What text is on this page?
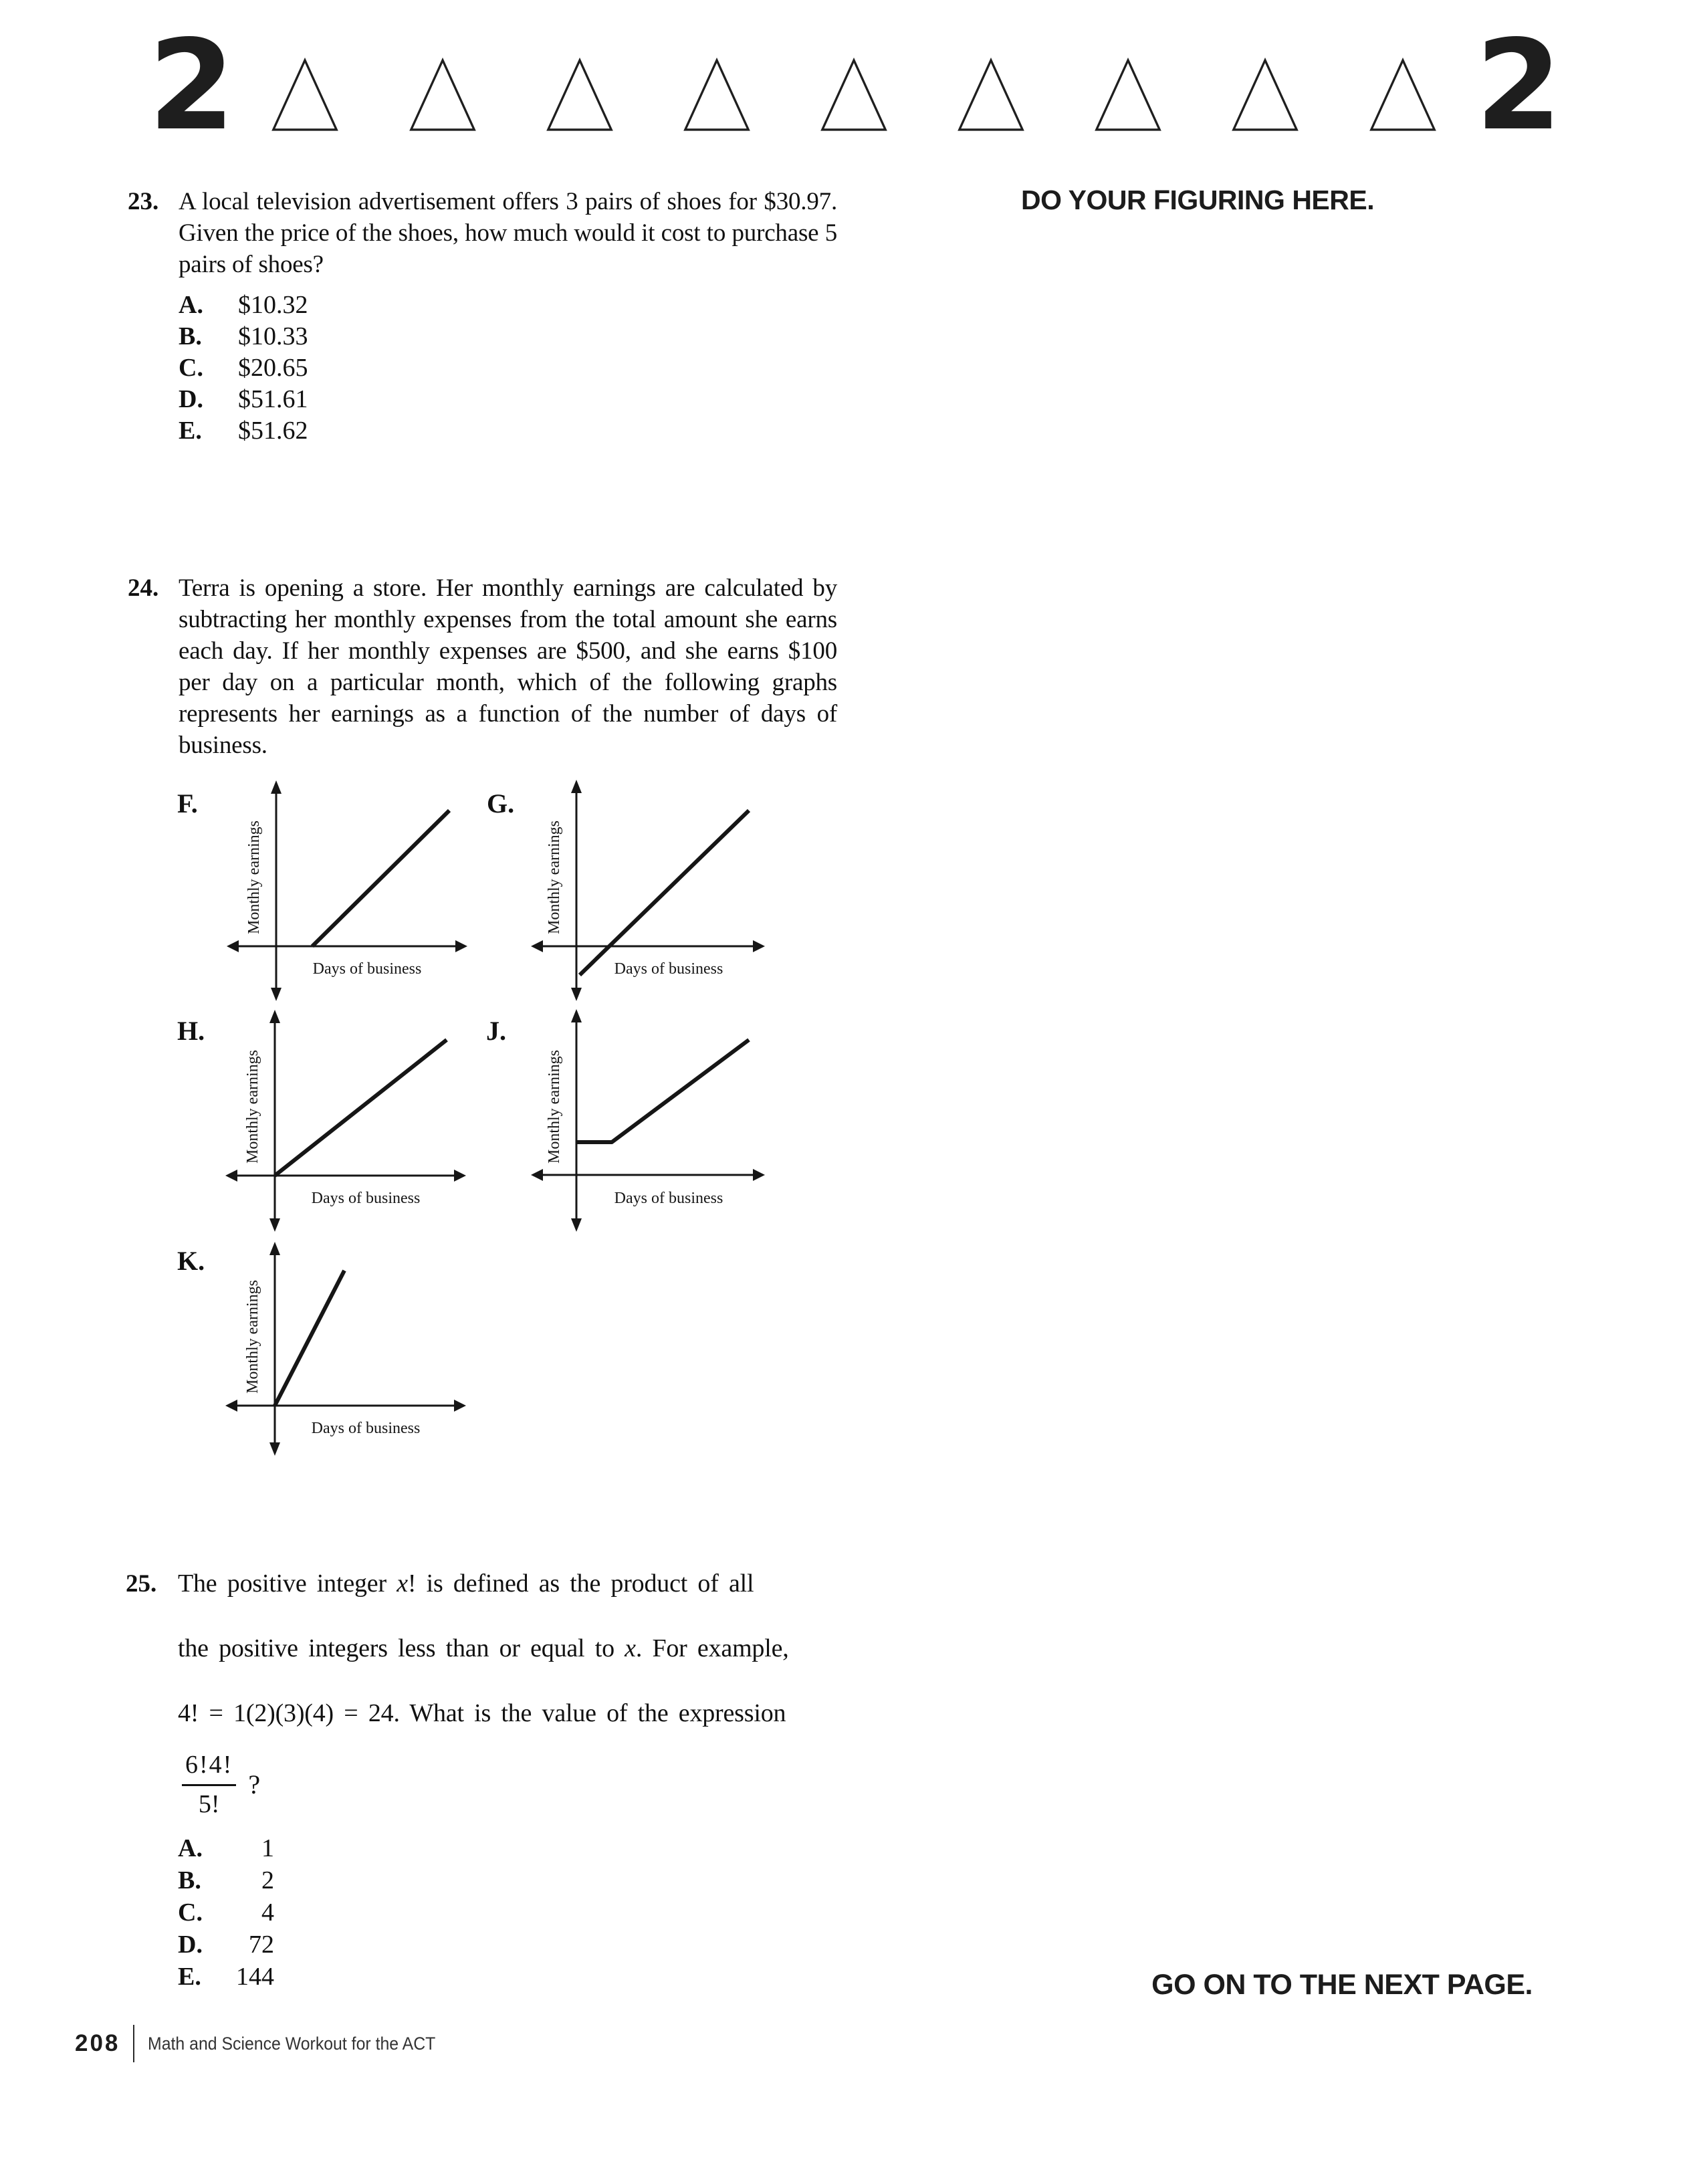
2	2
DO YOUR FIGURING HERE.
23. A local television advertisement offers 3 pairs of shoes for $30.97. Given the price of the shoes, how much would it cost to purchase 5 pairs of shoes?

A.	$10.32
B.	$10.33
C.	$20.65
D.	$51.61
E.	$51.62
24. Terra is opening a store. Her monthly earnings are calculated by subtracting her monthly expenses from the total amount she earns each day. If her monthly expenses are $500, and she earns $100 per day on a particular month, which of the following graphs represents her earnings as a function of the number of days of business.

F.
Monthly earnings
Days of business
G.
Monthly earnings
Days of business
H.
Monthly earnings
Days of business
J.
Monthly earnings
Days of business
K.
Monthly earnings
Days of business
25. The positive integer x! is defined as the product of all
the positive integers less than or equal to x. For example,
4! = 1(2)(3)(4) = 24. What is the value of the expression
$\frac{6!4!}{5!}$ ?
A.	1
B.	2
C.	4
D.	72
E.	144	GO ON TO THE NEXT PAGE.
208 Math and Science Workout for the ACT
